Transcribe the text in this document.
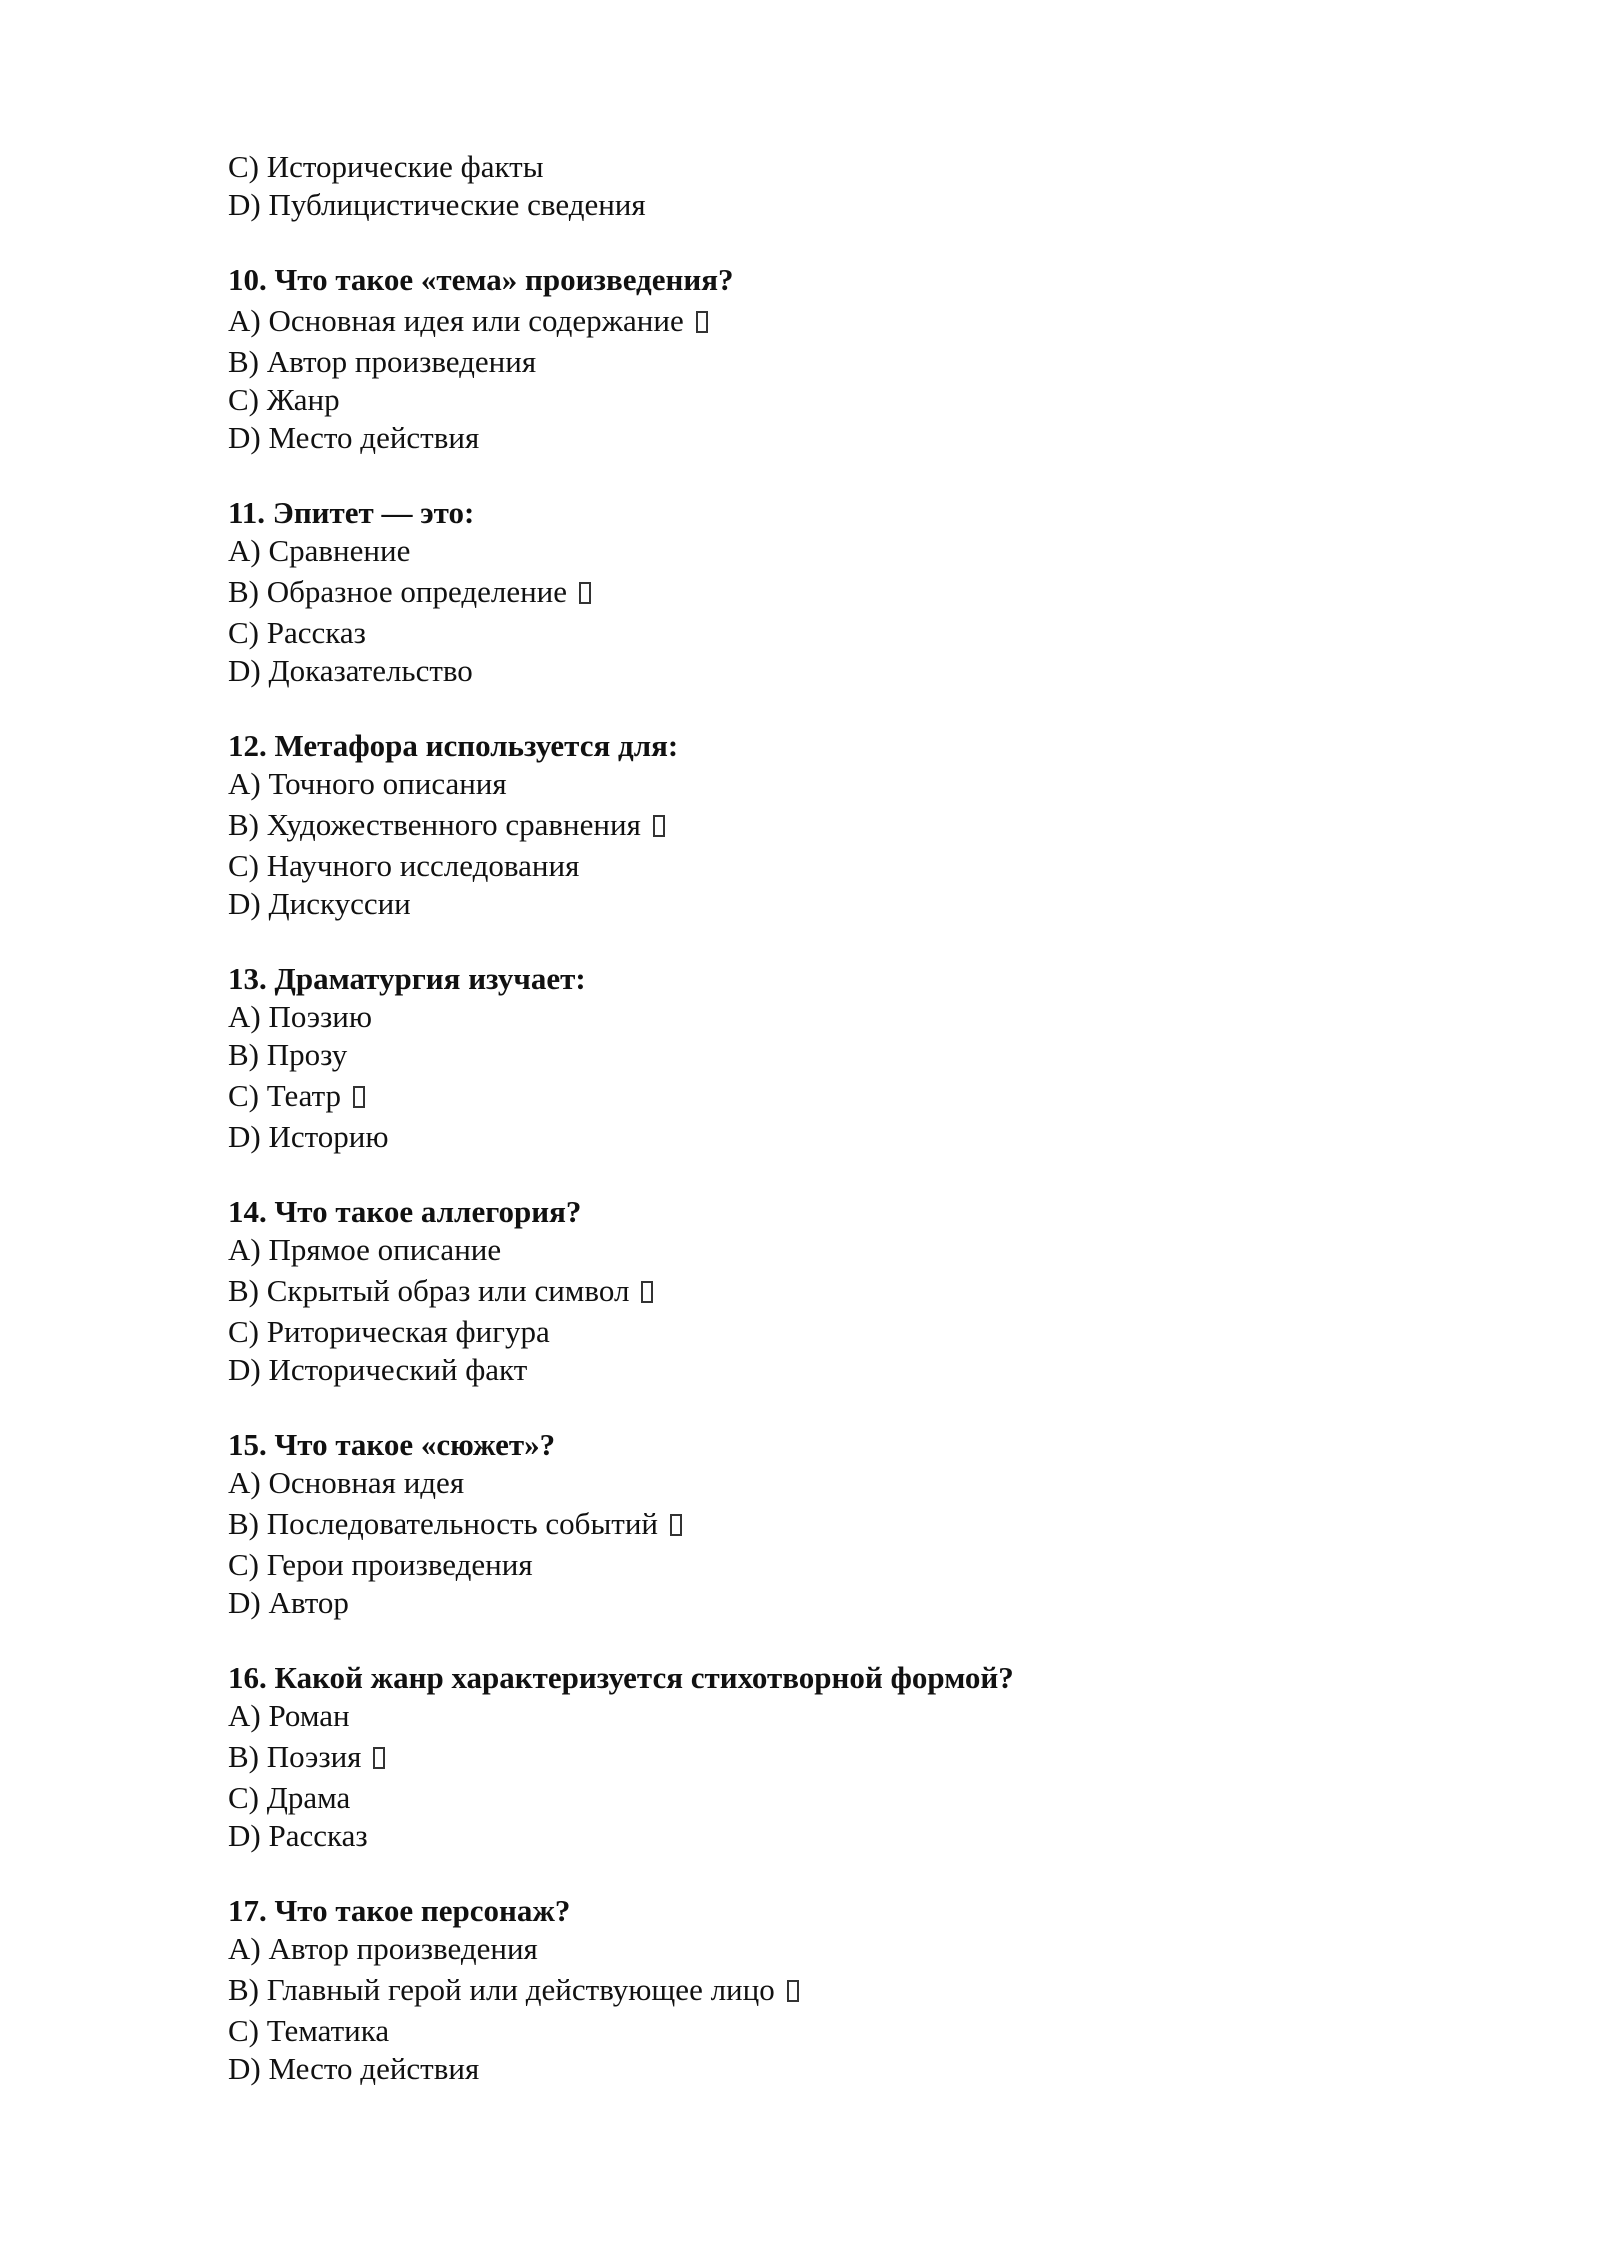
C) Исторические факты

D) Публицистические сведения

10. Что такое «тема» произведения?

A) Основная идея или содержание

B) Автор произведения

C) Жанр

D) Место действия

11. Эпитет — это:

A) Сравнение

B) Образное определение

C) Рассказ

D) Доказательство

12. Метафора используется для:

A) Точного описания

B) Художественного сравнения

C) Научного исследования

D) Дискуссии

13. Драматургия изучает:

A) Поэзию

B) Прозу

C) Театр

D) Историю

14. Что такое аллегория?

A) Прямое описание

B) Скрытый образ или символ

C) Риторическая фигура

D) Исторический факт

15. Что такое «сюжет»?

A) Основная идея

B) Последовательность событий

C) Герои произведения

D) Автор

16. Какой жанр характеризуется стихотворной формой?

A) Роман

B) Поэзия

C) Драма

D) Рассказ

17. Что такое персонаж?

A) Автор произведения

B) Главный герой или действующее лицо

C) Тематика

D) Место действия
